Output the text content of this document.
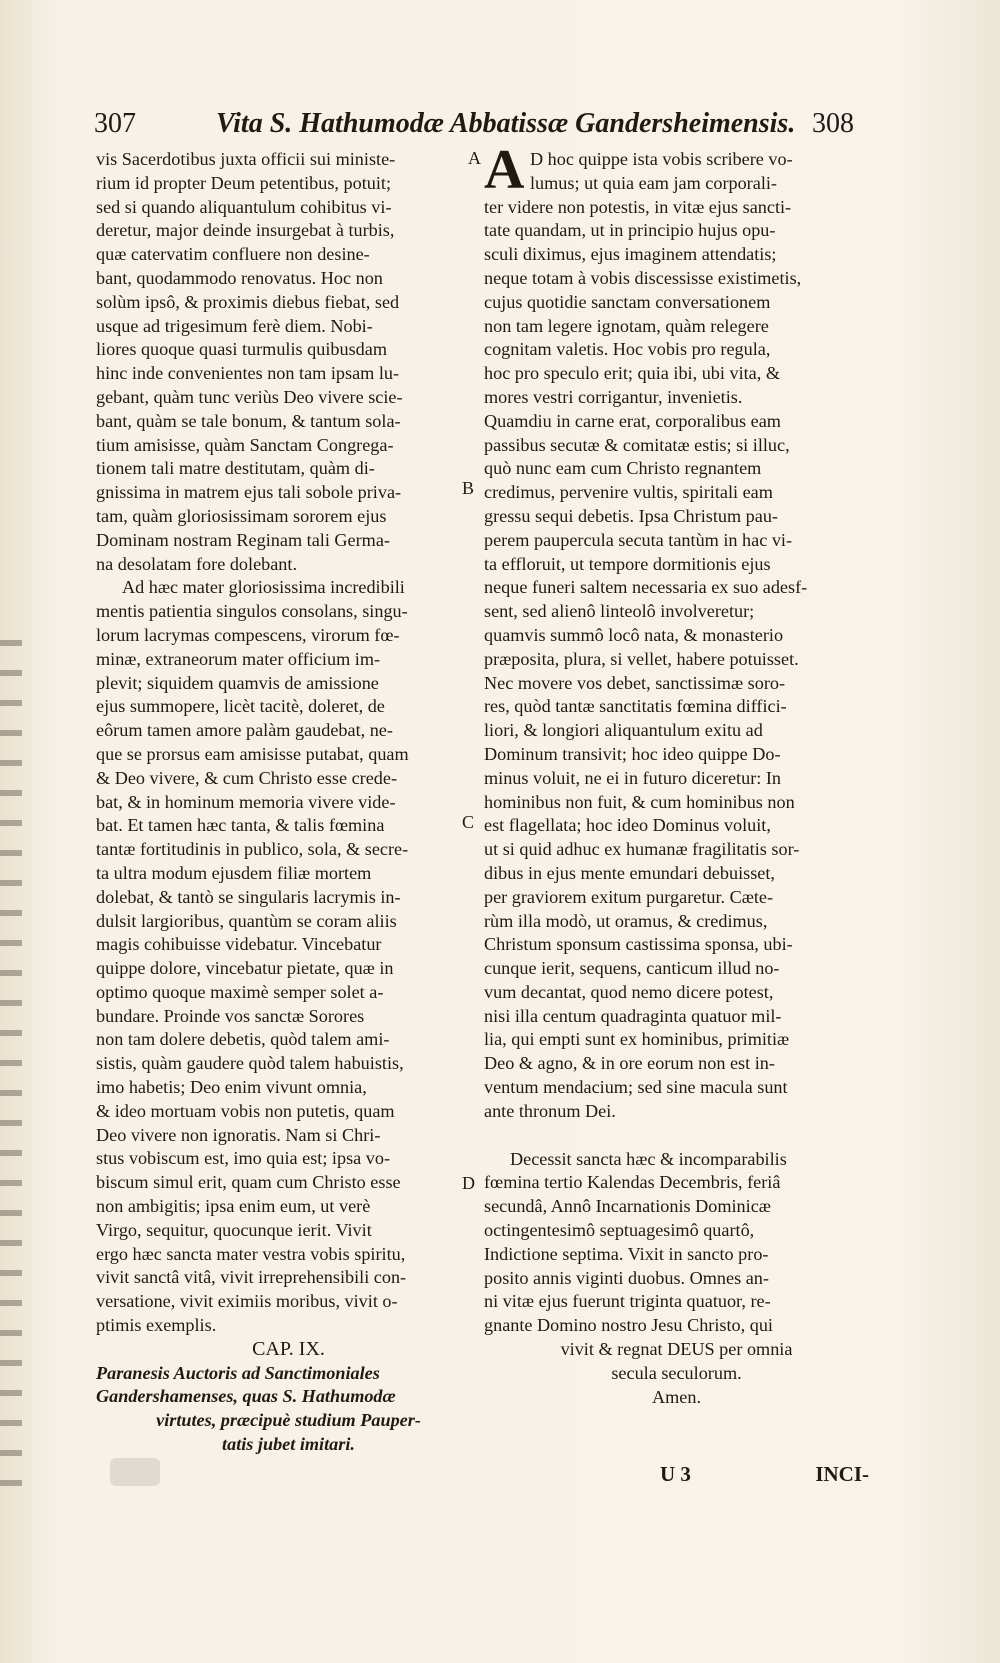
307	Vita S. Hathumodæ Abbatissæ Gandersheimensis. 308
A
A
B
C
D
vis Sacerdotibus juxta officii sui ministe-
rium id propter Deum petentibus, potuit;
sed si quando aliquantulum cohibitus vi-
deretur, major deinde insurgebat à turbis,
quæ catervatim confluere non desine-
bant, quodammodo renovatus. Hoc non
solùm ipsô, & proximis diebus fiebat, sed
usque ad trigesimum ferè diem. Nobi-
liores quoque quasi turmulis quibusdam
hinc inde convenientes non tam ipsam lu-
gebant, quàm tunc veriùs Deo vivere scie-
bant, quàm se tale bonum, & tantum sola-
tium amisisse, quàm Sanctam Congrega-
tionem tali matre destitutam, quàm di-
gnissima in matrem ejus tali sobole priva-
tam, quàm gloriosissimam sororem ejus
Dominam nostram Reginam tali Germa-
na desolatam fore dolebant.
Ad hæc mater gloriosissima incredibili
mentis patientia singulos consolans, singu-
lorum lacrymas compescens, virorum fœ-
minæ, extraneorum mater officium im-
plevit; siquidem quamvis de amissione
ejus summopere, licèt tacitè, doleret, de
eôrum tamen amore palàm gaudebat, ne-
que se prorsus eam amisisse putabat, quam
& Deo vivere, & cum Christo esse crede-
bat, & in hominum memoria vivere vide-
bat. Et tamen hæc tanta, & talis fœmina
tantæ fortitudinis in publico, sola, & secre-
ta ultra modum ejusdem filiæ mortem
dolebat, & tantò se singularis lacrymis in-
dulsit largioribus, quantùm se coram aliis
magis cohibuisse videbatur. Vincebatur
quippe dolore, vincebatur pietate, quæ in
optimo quoque maximè semper solet a-
bundare. Proinde vos sanctæ Sorores
non tam dolere debetis, quòd talem ami-
sistis, quàm gaudere quòd talem habuistis,
imo habetis; Deo enim vivunt omnia,
& ideo mortuam vobis non putetis, quam
Deo vivere non ignoratis. Nam si Chri-
stus vobiscum est, imo quia est; ipsa vo-
biscum simul erit, quam cum Christo esse
non ambigitis; ipsa enim eum, ut verè
Virgo, sequitur, quocunque ierit. Vivit
ergo hæc sancta mater vestra vobis spiritu,
vivit sanctâ vitâ, vivit irreprehensibili con-
versatione, vivit eximiis moribus, vivit o-
ptimis exemplis.
CAP. IX.
Paranesis Auctoris ad Sanctimoniales
Gandershamenses, quas S. Hathumodæ
virtutes, præcipuè studium Pauper-
tatis jubet imitari.
D hoc quippe ista vobis scribere vo-
lumus; ut quia eam jam corporali-
ter videre non potestis, in vitæ ejus sancti-
tate quandam, ut in principio hujus opu-
sculi diximus, ejus imaginem attendatis;
neque totam à vobis discessisse existimetis,
cujus quotidie sanctam conversationem
non tam legere ignotam, quàm relegere
cognitam valetis. Hoc vobis pro regula,
hoc pro speculo erit; quia ibi, ubi vita, &
mores vestri corrigantur, invenietis.
Quamdiu in carne erat, corporalibus eam
passibus secutæ & comitatæ estis; si illuc,
quò nunc eam cum Christo regnantem
credimus, pervenire vultis, spiritali eam
gressu sequi debetis. Ipsa Christum pau-
perem paupercula secuta tantùm in hac vi-
ta effloruit, ut tempore dormitionis ejus
neque funeri saltem necessaria ex suo adesf-
sent, sed alienô linteolô involveretur;
quamvis summô locô nata, & monasterio
præposita, plura, si vellet, habere potuisset.
Nec movere vos debet, sanctissimæ soro-
res, quòd tantæ sanctitatis fœmina diffici-
liori, & longiori aliquantulum exitu ad
Dominum transivit; hoc ideo quippe Do-
minus voluit, ne ei in futuro diceretur: In
hominibus non fuit, & cum hominibus non
est flagellata; hoc ideo Dominus voluit,
ut si quid adhuc ex humanæ fragilitatis sor-
dibus in ejus mente emundari debuisset,
per graviorem exitum purgaretur. Cæte-
rùm illa modò, ut oramus, & credimus,
Christum sponsum castissima sponsa, ubi-
cunque ierit, sequens, canticum illud no-
vum decantat, quod nemo dicere potest,
nisi illa centum quadraginta quatuor mil-
lia, qui empti sunt ex hominibus, primitiæ
Deo & agno, & in ore eorum non est in-
ventum mendacium; sed sine macula sunt
ante thronum Dei.
Decessit sancta hæc & incomparabilis
fœmina tertio Kalendas Decembris, feriâ
secundâ, Annô Incarnationis Dominicæ
octingentesimô septuagesimô quartô,
Indictione septima. Vixit in sancto pro-
posito annis viginti duobus. Omnes an-
ni vitæ ejus fuerunt triginta quatuor, re-
gnante Domino nostro Jesu Christo, qui
vivit & regnat DEUS per omnia
secula seculorum.
Amen.
U 3	INCI-
